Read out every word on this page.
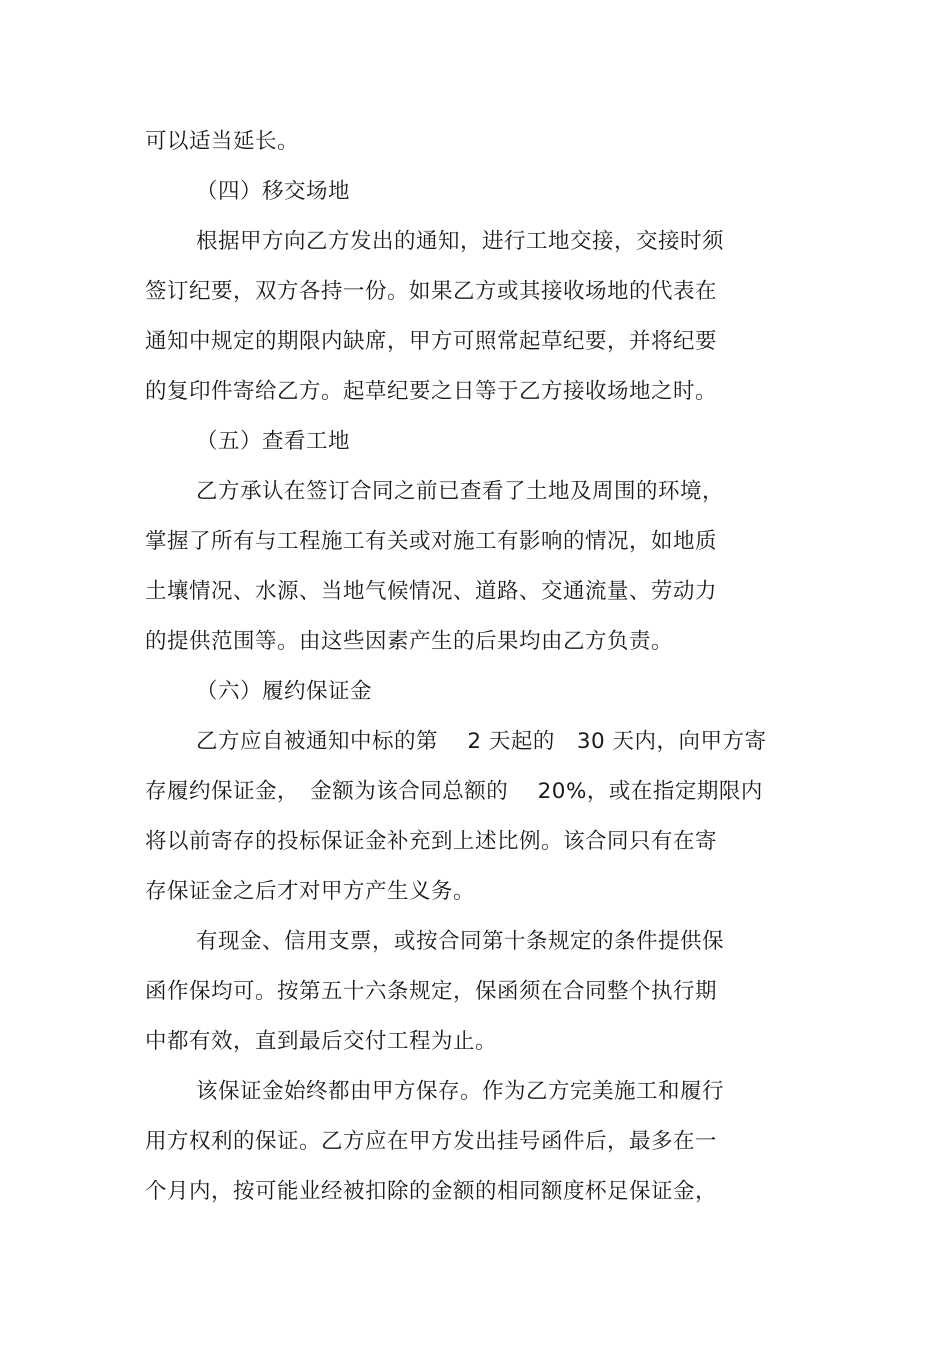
可以适当延长。
（四）移交场地
根据甲方向乙方发出的通知，进行工地交接，交接时须
签订纪要，双方各持一份。如果乙方或其接收场地的代表在
通知中规定的期限内缺席，甲方可照常起草纪要，并将纪要
的复印件寄给乙方。起草纪要之日等于乙方接收场地之时。
（五）查看工地
乙方承认在签订合同之前已查看了土地及周围的环境，
掌握了所有与工程施工有关或对施工有影响的情况，如地质
土壤情况、水源、当地气候情况、道路、交通流量、劳动力
的提供范围等。由这些因素产生的后果均由乙方负责。
（六）履约保证金
乙方应自被通知中标的第　 2 天起的　30 天内，向甲方寄
存履约保证金，　金额为该合同总额的　 20%，或在指定期限内
将以前寄存的投标保证金补充到上述比例。该合同只有在寄
存保证金之后才对甲方产生义务。
有现金、信用支票，或按合同第十条规定的条件提供保
函作保均可。按第五十六条规定，保函须在合同整个执行期
中都有效，直到最后交付工程为止。
该保证金始终都由甲方保存。作为乙方完美施工和履行
用方权利的保证。乙方应在甲方发出挂号函件后，最多在一
个月内，按可能业经被扣除的金额的相同额度杯足保证金，
